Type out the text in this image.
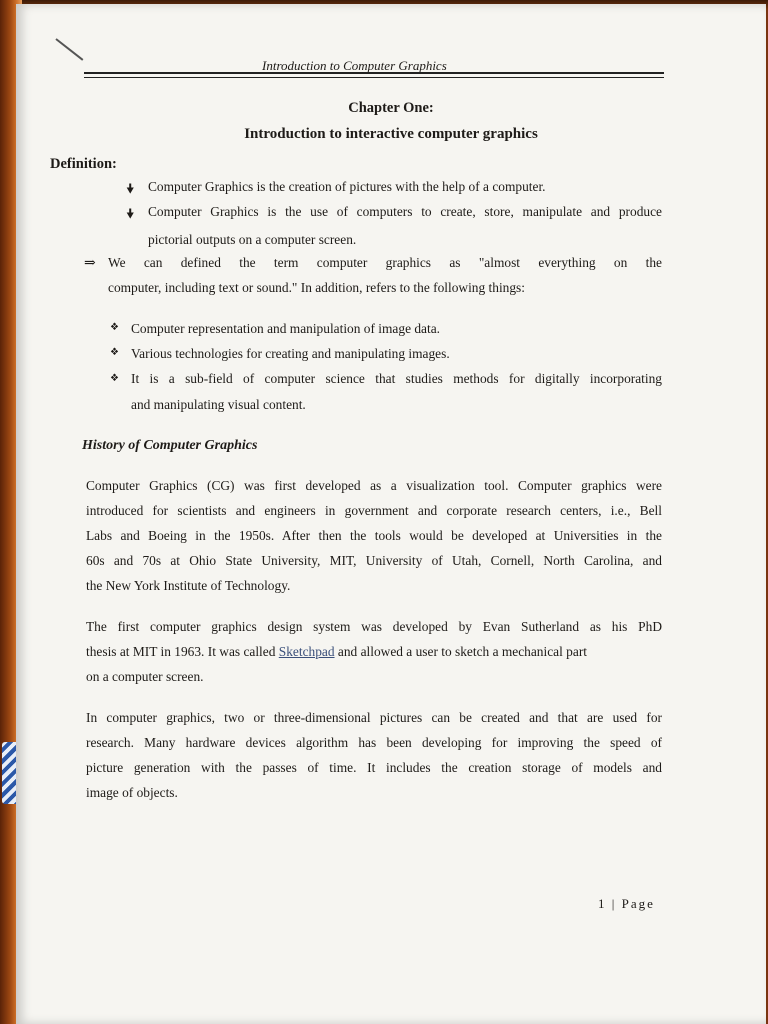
Introduction to Computer Graphics
Chapter One:
Introduction to interactive computer graphics
Definition:
🠟 Computer Graphics is the creation of pictures with the help of a computer.
🠟 Computer Graphics is the use of computers to create, store, manipulate and produce
pictorial outputs on a computer screen.
⇒ We can defined the term computer graphics as "almost everything on the
computer, including text or sound." In addition, refers to the following things:
❖ Computer representation and manipulation of image data.
❖ Various technologies for creating and manipulating images.
❖ It is a sub-field of computer science that studies methods for digitally incorporating
and manipulating visual content.
History of Computer Graphics
Computer Graphics (CG) was first developed as a visualization tool. Computer graphics were
introduced for scientists and engineers in government and corporate research centers, i.e., Bell
Labs and Boeing in the 1950s. After then the tools would be developed at Universities in the
60s and 70s at Ohio State University, MIT, University of Utah, Cornell, North Carolina, and
the New York Institute of Technology.
The first computer graphics design system was developed by Evan Sutherland as his PhD
thesis at MIT in 1963. It was called Sketchpad and allowed a user to sketch a mechanical part
on a computer screen.
In computer graphics, two or three-dimensional pictures can be created and that are used for
research. Many hardware devices algorithm has been developing for improving the speed of
picture generation with the passes of time. It includes the creation storage of models and
image of objects.
1 | Page
